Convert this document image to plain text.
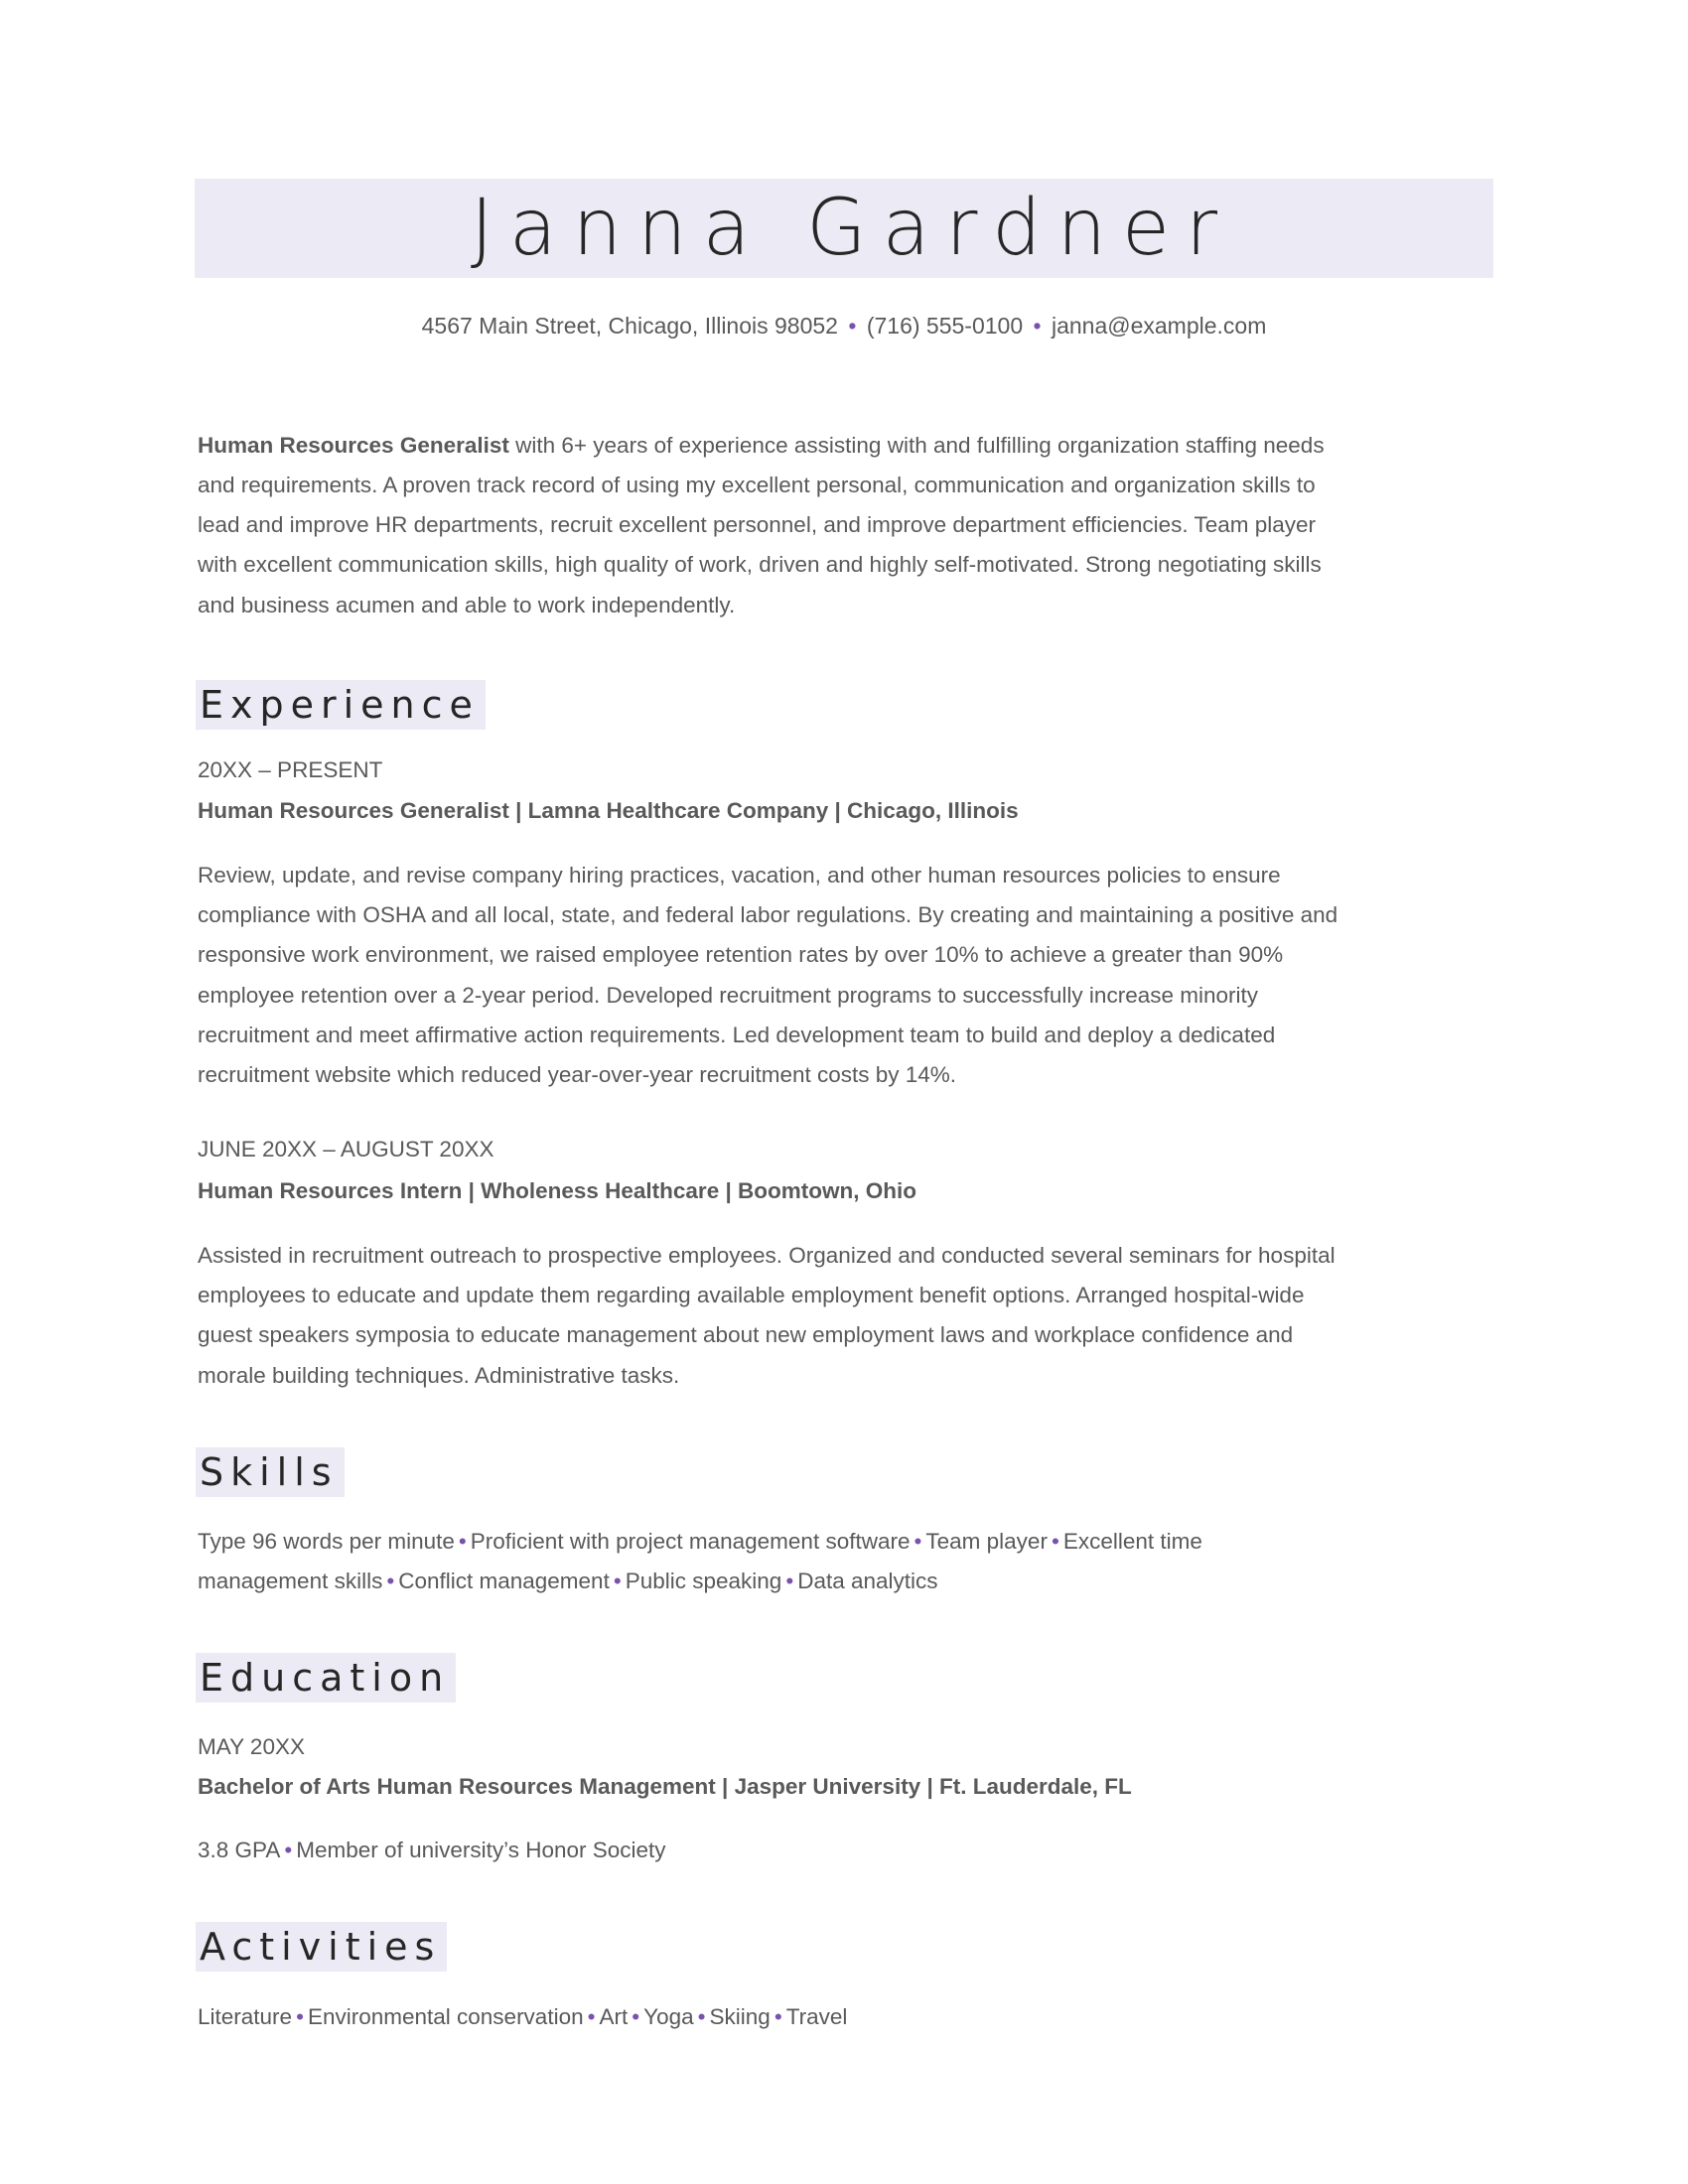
Janna Gardner
4567 Main Street, Chicago, Illinois 98052 • (716) 555-0100 • janna@example.com
Human Resources Generalist with 6+ years of experience assisting with and fulfilling organization staffing needs
and requirements. A proven track record of using my excellent personal, communication and organization skills to
lead and improve HR departments, recruit excellent personnel, and improve department efficiencies. Team player
with excellent communication skills, high quality of work, driven and highly self-motivated. Strong negotiating skills
and business acumen and able to work independently.
Experience
20XX – PRESENT
Human Resources Generalist | Lamna Healthcare Company | Chicago, Illinois
Review, update, and revise company hiring practices, vacation, and other human resources policies to ensure
compliance with OSHA and all local, state, and federal labor regulations. By creating and maintaining a positive and
responsive work environment, we raised employee retention rates by over 10% to achieve a greater than 90%
employee retention over a 2-year period. Developed recruitment programs to successfully increase minority
recruitment and meet affirmative action requirements. Led development team to build and deploy a dedicated
recruitment website which reduced year-over-year recruitment costs by 14%.
JUNE 20XX – AUGUST 20XX
Human Resources Intern | Wholeness Healthcare | Boomtown, Ohio
Assisted in recruitment outreach to prospective employees. Organized and conducted several seminars for hospital
employees to educate and update them regarding available employment benefit options. Arranged hospital-wide
guest speakers symposia to educate management about new employment laws and workplace confidence and
morale building techniques. Administrative tasks.
Skills
Type 96 words per minute • Proficient with project management software • Team player • Excellent time
management skills • Conflict management • Public speaking • Data analytics
Education
MAY 20XX
Bachelor of Arts Human Resources Management | Jasper University | Ft. Lauderdale, FL
3.8 GPA • Member of university’s Honor Society
Activities
Literature • Environmental conservation • Art • Yoga • Skiing • Travel
